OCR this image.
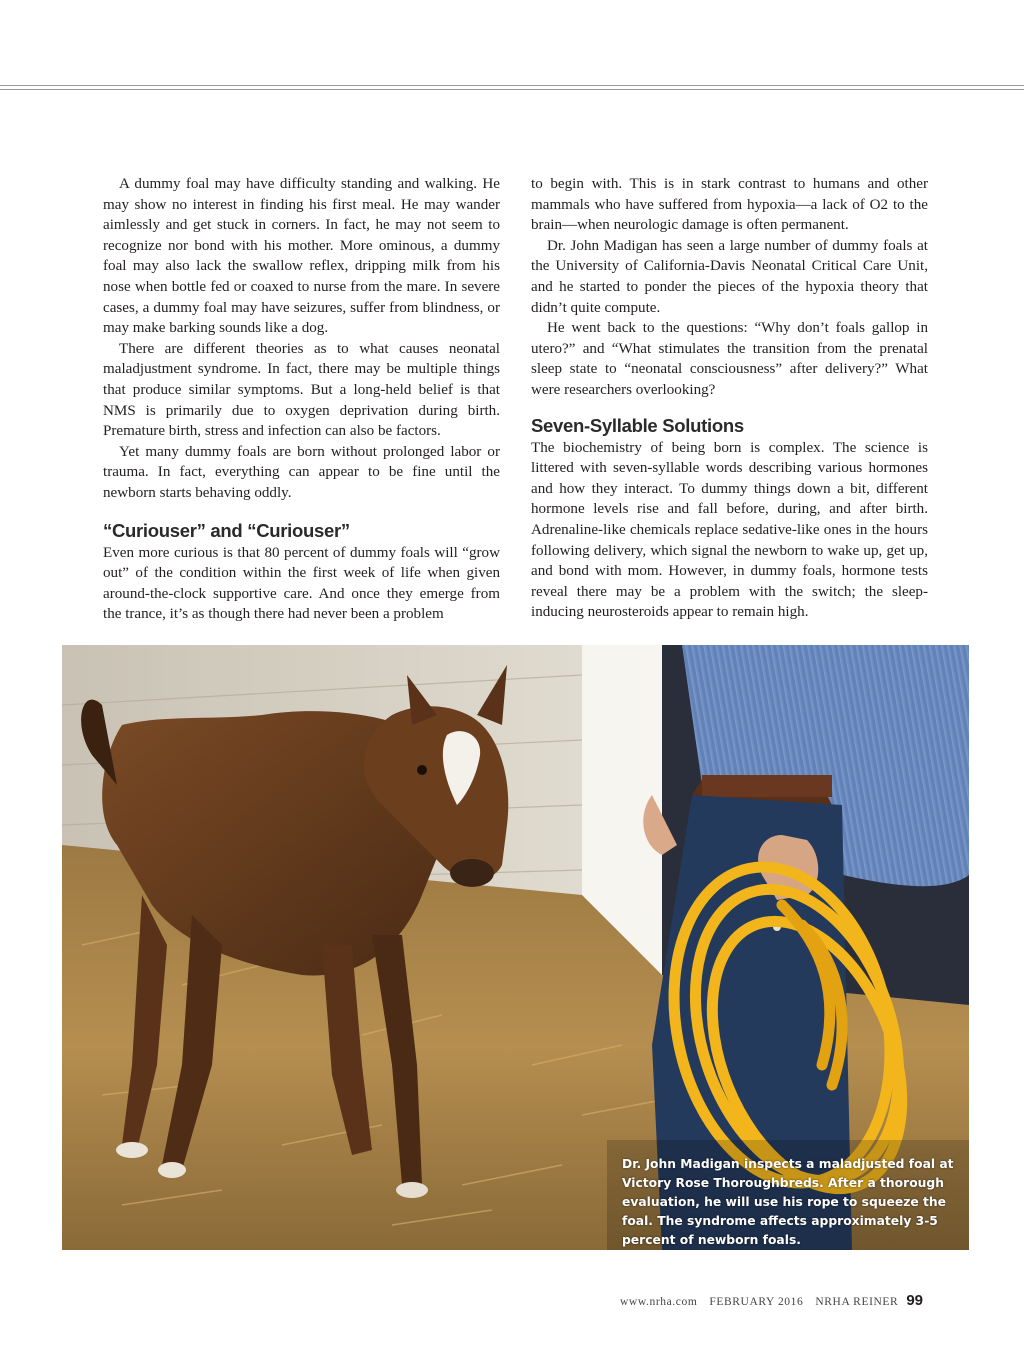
A dummy foal may have difficulty standing and walking. He may show no interest in finding his first meal. He may wander aimlessly and get stuck in corners. In fact, he may not seem to recognize nor bond with his mother. More ominous, a dummy foal may also lack the swallow reflex, dripping milk from his nose when bottle fed or coaxed to nurse from the mare. In severe cases, a dummy foal may have seizures, suffer from blindness, or may make barking sounds like a dog.

There are different theories as to what causes neonatal maladjustment syndrome. In fact, there may be multiple things that produce similar symptoms. But a long-held belief is that NMS is primarily due to oxygen deprivation during birth. Premature birth, stress and infection can also be factors.

Yet many dummy foals are born without prolonged labor or trauma. In fact, everything can appear to be fine until the newborn starts behaving oddly.

“Curiouser” and “Curiouser”

Even more curious is that 80 percent of dummy foals will “grow out” of the condition within the first week of life when given around-the-clock supportive care. And once they emerge from the trance, it’s as though there had never been a problem

to begin with. This is in stark contrast to humans and other mammals who have suffered from hypoxia—a lack of O2 to the brain—when neurologic damage is often permanent.

Dr. John Madigan has seen a large number of dummy foals at the University of California-Davis Neonatal Critical Care Unit, and he started to ponder the pieces of the hypoxia theory that didn’t quite compute.

He went back to the questions: “Why don’t foals gallop in utero?” and “What stimulates the transition from the prenatal sleep state to “neonatal consciousness” after delivery?” What were researchers overlooking?

Seven-Syllable Solutions

The biochemistry of being born is complex. The science is littered with seven-syllable words describing various hormones and how they interact. To dummy things down a bit, different hormone levels rise and fall before, during, and after birth. Adrenaline-like chemicals replace sedative-like ones in the hours following delivery, which signal the newborn to wake up, get up, and bond with mom. However, in dummy foals, hormone tests reveal there may be a problem with the switch; the sleep-inducing neurosteroids appear to remain high.

Dr. John Madigan inspects a maladjusted foal at Victory Rose Thoroughbreds. After a thorough evaluation, he will use his rope to squeeze the foal. The syndrome affects approximately 3-5 percent of newborn foals.
www.nrha.com FEBRUARY 2016 NRHA REINER 99
